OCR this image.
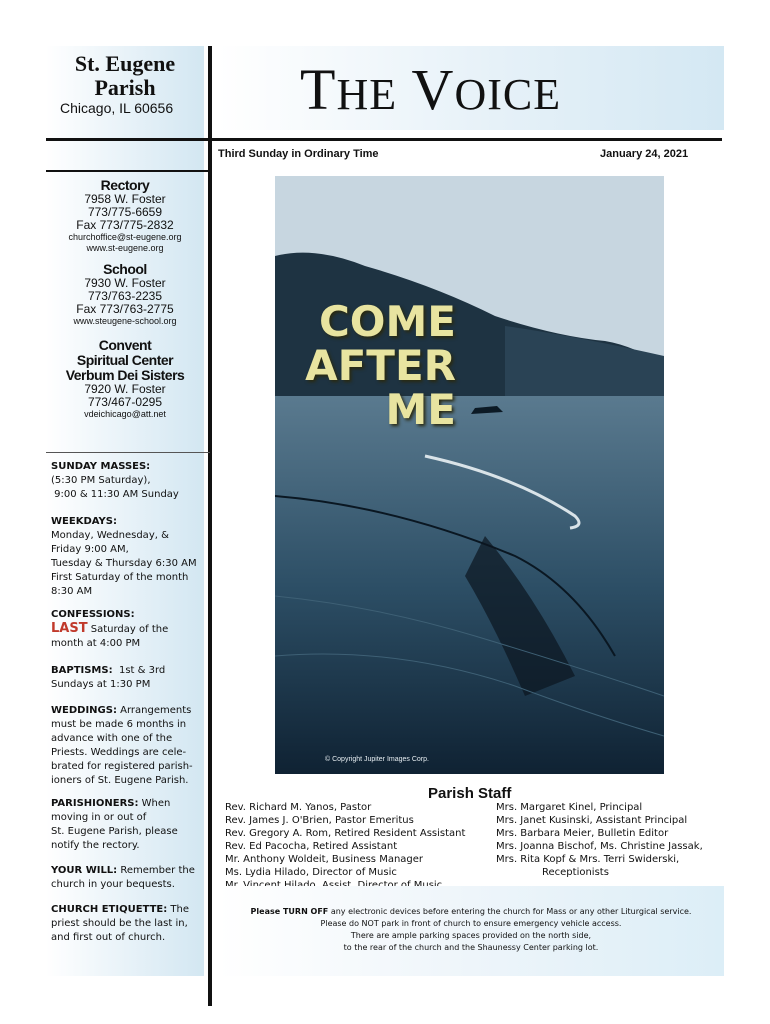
St. Eugene
Parish
Chicago, IL 60656 THE VOICE
Third Sunday in Ordinary Time	January 24, 2021
Rectory
7958 W. Foster
773/775-6659
Fax 773/775-2832
churchoffice@st-eugene.org
www.st-eugene.org
School
7930 W. Foster
773/763-2235
Fax 773/763-2775
www.steugene-school.org
Convent
Spiritual Center
Verbum Dei Sisters
7920 W. Foster
773/467-0295
vdeichicago@att.net
SUNDAY MASSES:
(5:30 PM Saturday),
9:00 & 11:30 AM Sunday
WEEKDAYS:
Monday, Wednesday, &
Friday 9:00 AM,
Tuesday & Thursday 6:30 AM
First Saturday of the month
8:30 AM
CONFESSIONS:
LAST Saturday of the
month at 4:00 PM
BAPTISMS:  1st & 3rd
Sundays at 1:30 PM
WEDDINGS: Arrangements
must be made 6 months in
advance with one of the
Priests. Weddings are cele-
brated for registered parish-
ioners of St. Eugene Parish.
PARISHIONERS: When
moving in or out of
St. Eugene Parish, please
notify the rectory.
YOUR WILL: Remember the
church in your bequests.
CHURCH ETIQUETTE: The
priest should be the last in,
and first out of church.
COME
AFTER
ME
© Copyright Jupiter Images Corp.
Parish Staff
Rev. Richard M. Yanos, Pastor
Rev. James J. O'Brien, Pastor Emeritus
Rev. Gregory A. Rom, Retired Resident Assistant
Rev. Ed Pacocha, Retired Assistant
Mr. Anthony Woldeit, Business Manager
Ms. Lydia Hilado, Director of Music
Mrs. Margaret Kinel, Principal
Mrs. Janet Kusinski, Assistant Principal
Mrs. Barbara Meier, Bulletin Editor
Mrs. Joanna Bischof, Ms. Christine Jassak,
Mrs. Rita Kopf & Mrs. Terri Swiderski,
Receptionists
Please TURN OFF any electronic devices before entering the church for Mass or any other Liturgical service.
Please do NOT park in front of church to ensure emergency vehicle access.
There are ample parking spaces provided on the north side,
to the rear of the church and the Shaunessy Center parking lot.
